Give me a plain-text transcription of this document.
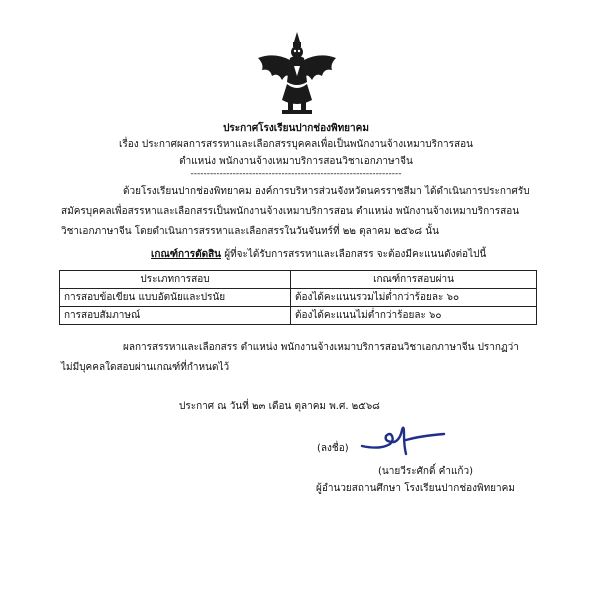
ประกาศโรงเรียนปากช่องพิทยาคม
เรื่อง ประกาศผลการสรรหาและเลือกสรรบุคคลเพื่อเป็นพนักงานจ้างเหมาบริการสอน
ตำแหน่ง พนักงานจ้างเหมาบริการสอนวิชาเอกภาษาจีน
-----------------------------------------------------------------
ด้วยโรงเรียนปากช่องพิทยาคม องค์การบริหารส่วนจังหวัดนครราชสีมา ได้ดำเนินการประกาศรับสมัครบุคคลเพื่อสรรหาและเลือกสรรเป็นพนักงานจ้างเหมาบริการสอน ตำแหน่ง พนักงานจ้างเหมาบริการสอนวิชาเอกภาษาจีน โดยดำเนินการสรรหาและเลือกสรรในวันจันทร์ที่ ๒๒ ตุลาคม ๒๕๖๘ นั้น
เกณฑ์การตัดสิน ผู้ที่จะได้รับการสรรหาและเลือกสรร จะต้องมีคะแนนดังต่อไปนี้
ประเภทการสอบ	เกณฑ์การสอบผ่าน
การสอบข้อเขียน แบบอัตนัยและปรนัย	ต้องได้คะแนนรวมไม่ต่ำกว่าร้อยละ ๖๐
การสอบสัมภาษณ์	ต้องได้คะแนนไม่ต่ำกว่าร้อยละ ๖๐
ผลการสรรหาและเลือกสรร ตำแหน่ง พนักงานจ้างเหมาบริการสอนวิชาเอกภาษาจีน ปรากฏว่า
ไม่มีบุคคลใดสอบผ่านเกณฑ์ที่กำหนดไว้
ประกาศ ณ วันที่ ๒๓ เดือน ตุลาคม พ.ศ. ๒๕๖๘
(ลงชื่อ)
(นายวีระศักดิ์ คำแก้ว)
ผู้อำนวยสถานศึกษา โรงเรียนปากช่องพิทยาคม
